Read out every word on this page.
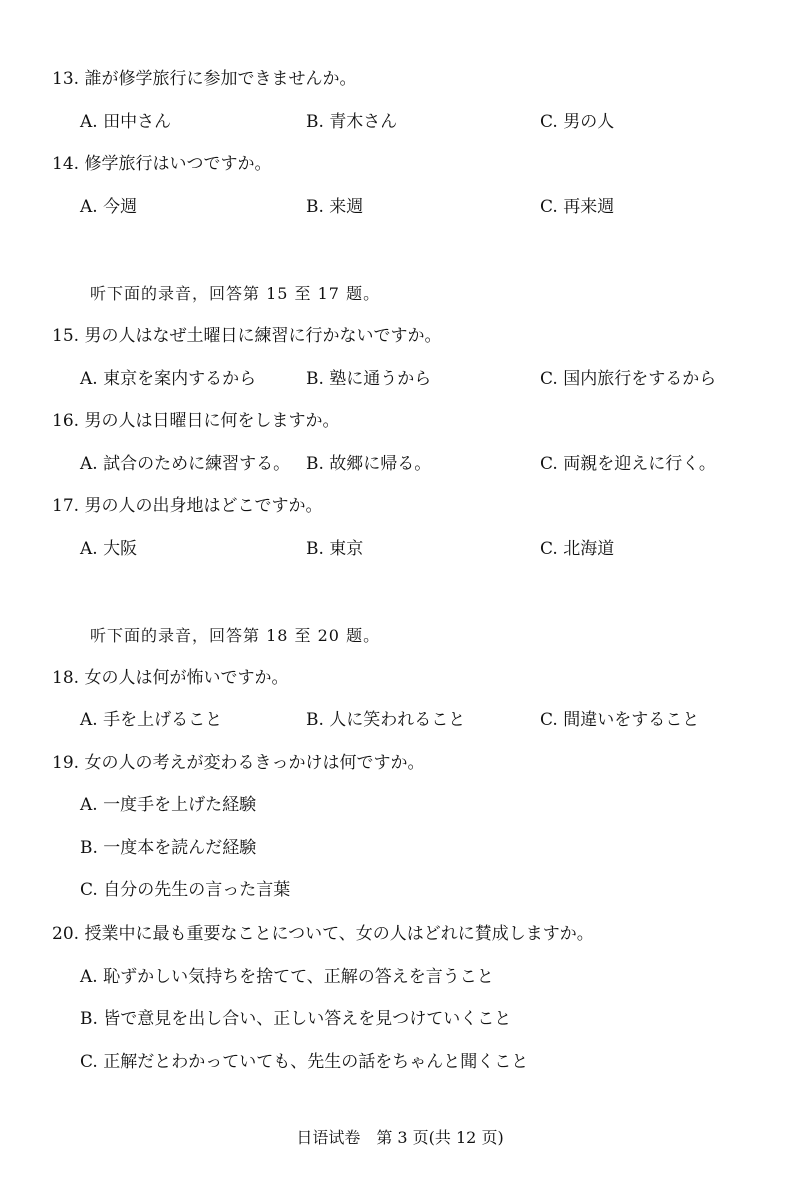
13. 誰が修学旅行に参加できませんか。
A. 田中さん	B. 青木さん	C. 男の人
14. 修学旅行はいつですか。
A. 今週	B. 来週	C. 再来週
听下面的录音，回答第 15 至 17 题。
15. 男の人はなぜ土曜日に練習に行かないですか。
A. 東京を案内するから	B. 塾に通うから	C. 国内旅行をするから
16. 男の人は日曜日に何をしますか。
A. 試合のために練習する。 B. 故郷に帰る。	C. 両親を迎えに行く。
17. 男の人の出身地はどこですか。
A. 大阪	B. 東京	C. 北海道
听下面的录音，回答第 18 至 20 题。
18. 女の人は何が怖いですか。
A. 手を上げること	B. 人に笑われること	C. 間違いをすること
19. 女の人の考えが変わるきっかけは何ですか。
A. 一度手を上げた経験
B. 一度本を読んだ経験
C. 自分の先生の言った言葉
20. 授業中に最も重要なことについて、女の人はどれに賛成しますか。
A. 恥ずかしい気持ちを捨てて、正解の答えを言うこと
B. 皆で意見を出し合い、正しい答えを見つけていくこと
C. 正解だとわかっていても、先生の話をちゃんと聞くこと
日语试卷　第 3 页(共 12 页)
